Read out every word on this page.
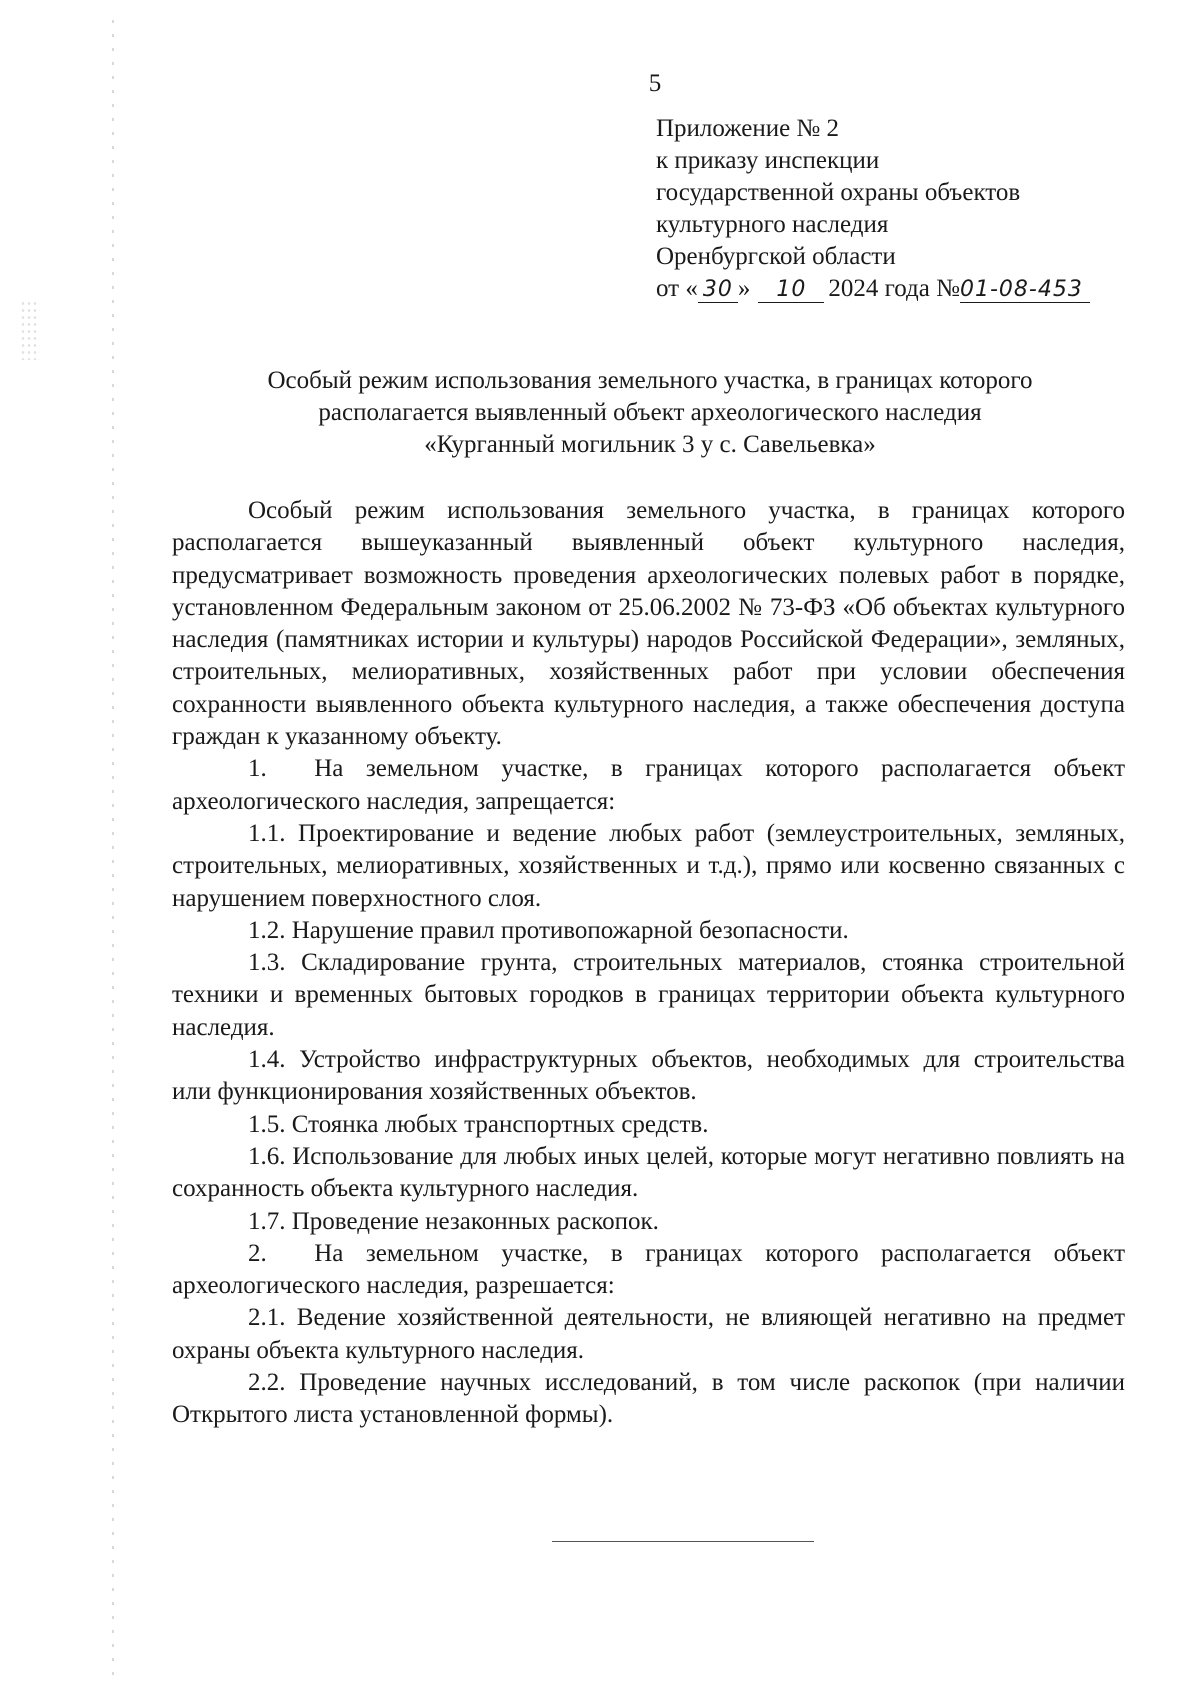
5
Приложение № 2
к приказу инспекции
государственной охраны объектов
культурного наследия
Оренбургской области
от « 30 » 10 2024 года №01-08-453
Особый режим использования земельного участка, в границах которого
располагается выявленный объект археологического наследия
«Курганный могильник 3 у с. Савельевка»

Особый режим использования земельного участка, в границах которого располагается вышеуказанный выявленный объект культурного наследия, предусматривает возможность проведения археологических полевых работ в порядке, установленном Федеральным законом от 25.06.2002 № 73-ФЗ «Об объектах культурного наследия (памятниках истории и культуры) народов Российской Федерации», земляных, строительных, мелиоративных, хозяйственных работ при условии обеспечения сохранности выявленного объекта культурного наследия, а также обеспечения доступа граждан к указанному объекту.

1.  На земельном участке, в границах которого располагается объект археологического наследия, запрещается:

1.1. Проектирование и ведение любых работ (землеустроительных, земляных, строительных, мелиоративных, хозяйственных и т.д.), прямо или косвенно связанных с нарушением поверхностного слоя.

1.2. Нарушение правил противопожарной безопасности.

1.3. Складирование грунта, строительных материалов, стоянка строительной техники и временных бытовых городков в границах территории объекта культурного наследия.

1.4. Устройство инфраструктурных объектов, необходимых для строительства или функционирования хозяйственных объектов.

1.5. Стоянка любых транспортных средств.

1.6. Использование для любых иных целей, которые могут негативно повлиять на сохранность объекта культурного наследия.

1.7. Проведение незаконных раскопок.

2.  На земельном участке, в границах которого располагается объект археологического наследия, разрешается:

2.1. Ведение хозяйственной деятельности, не влияющей негативно на предмет охраны объекта культурного наследия.

2.2. Проведение научных исследований, в том числе раскопок (при наличии Открытого листа установленной формы).
